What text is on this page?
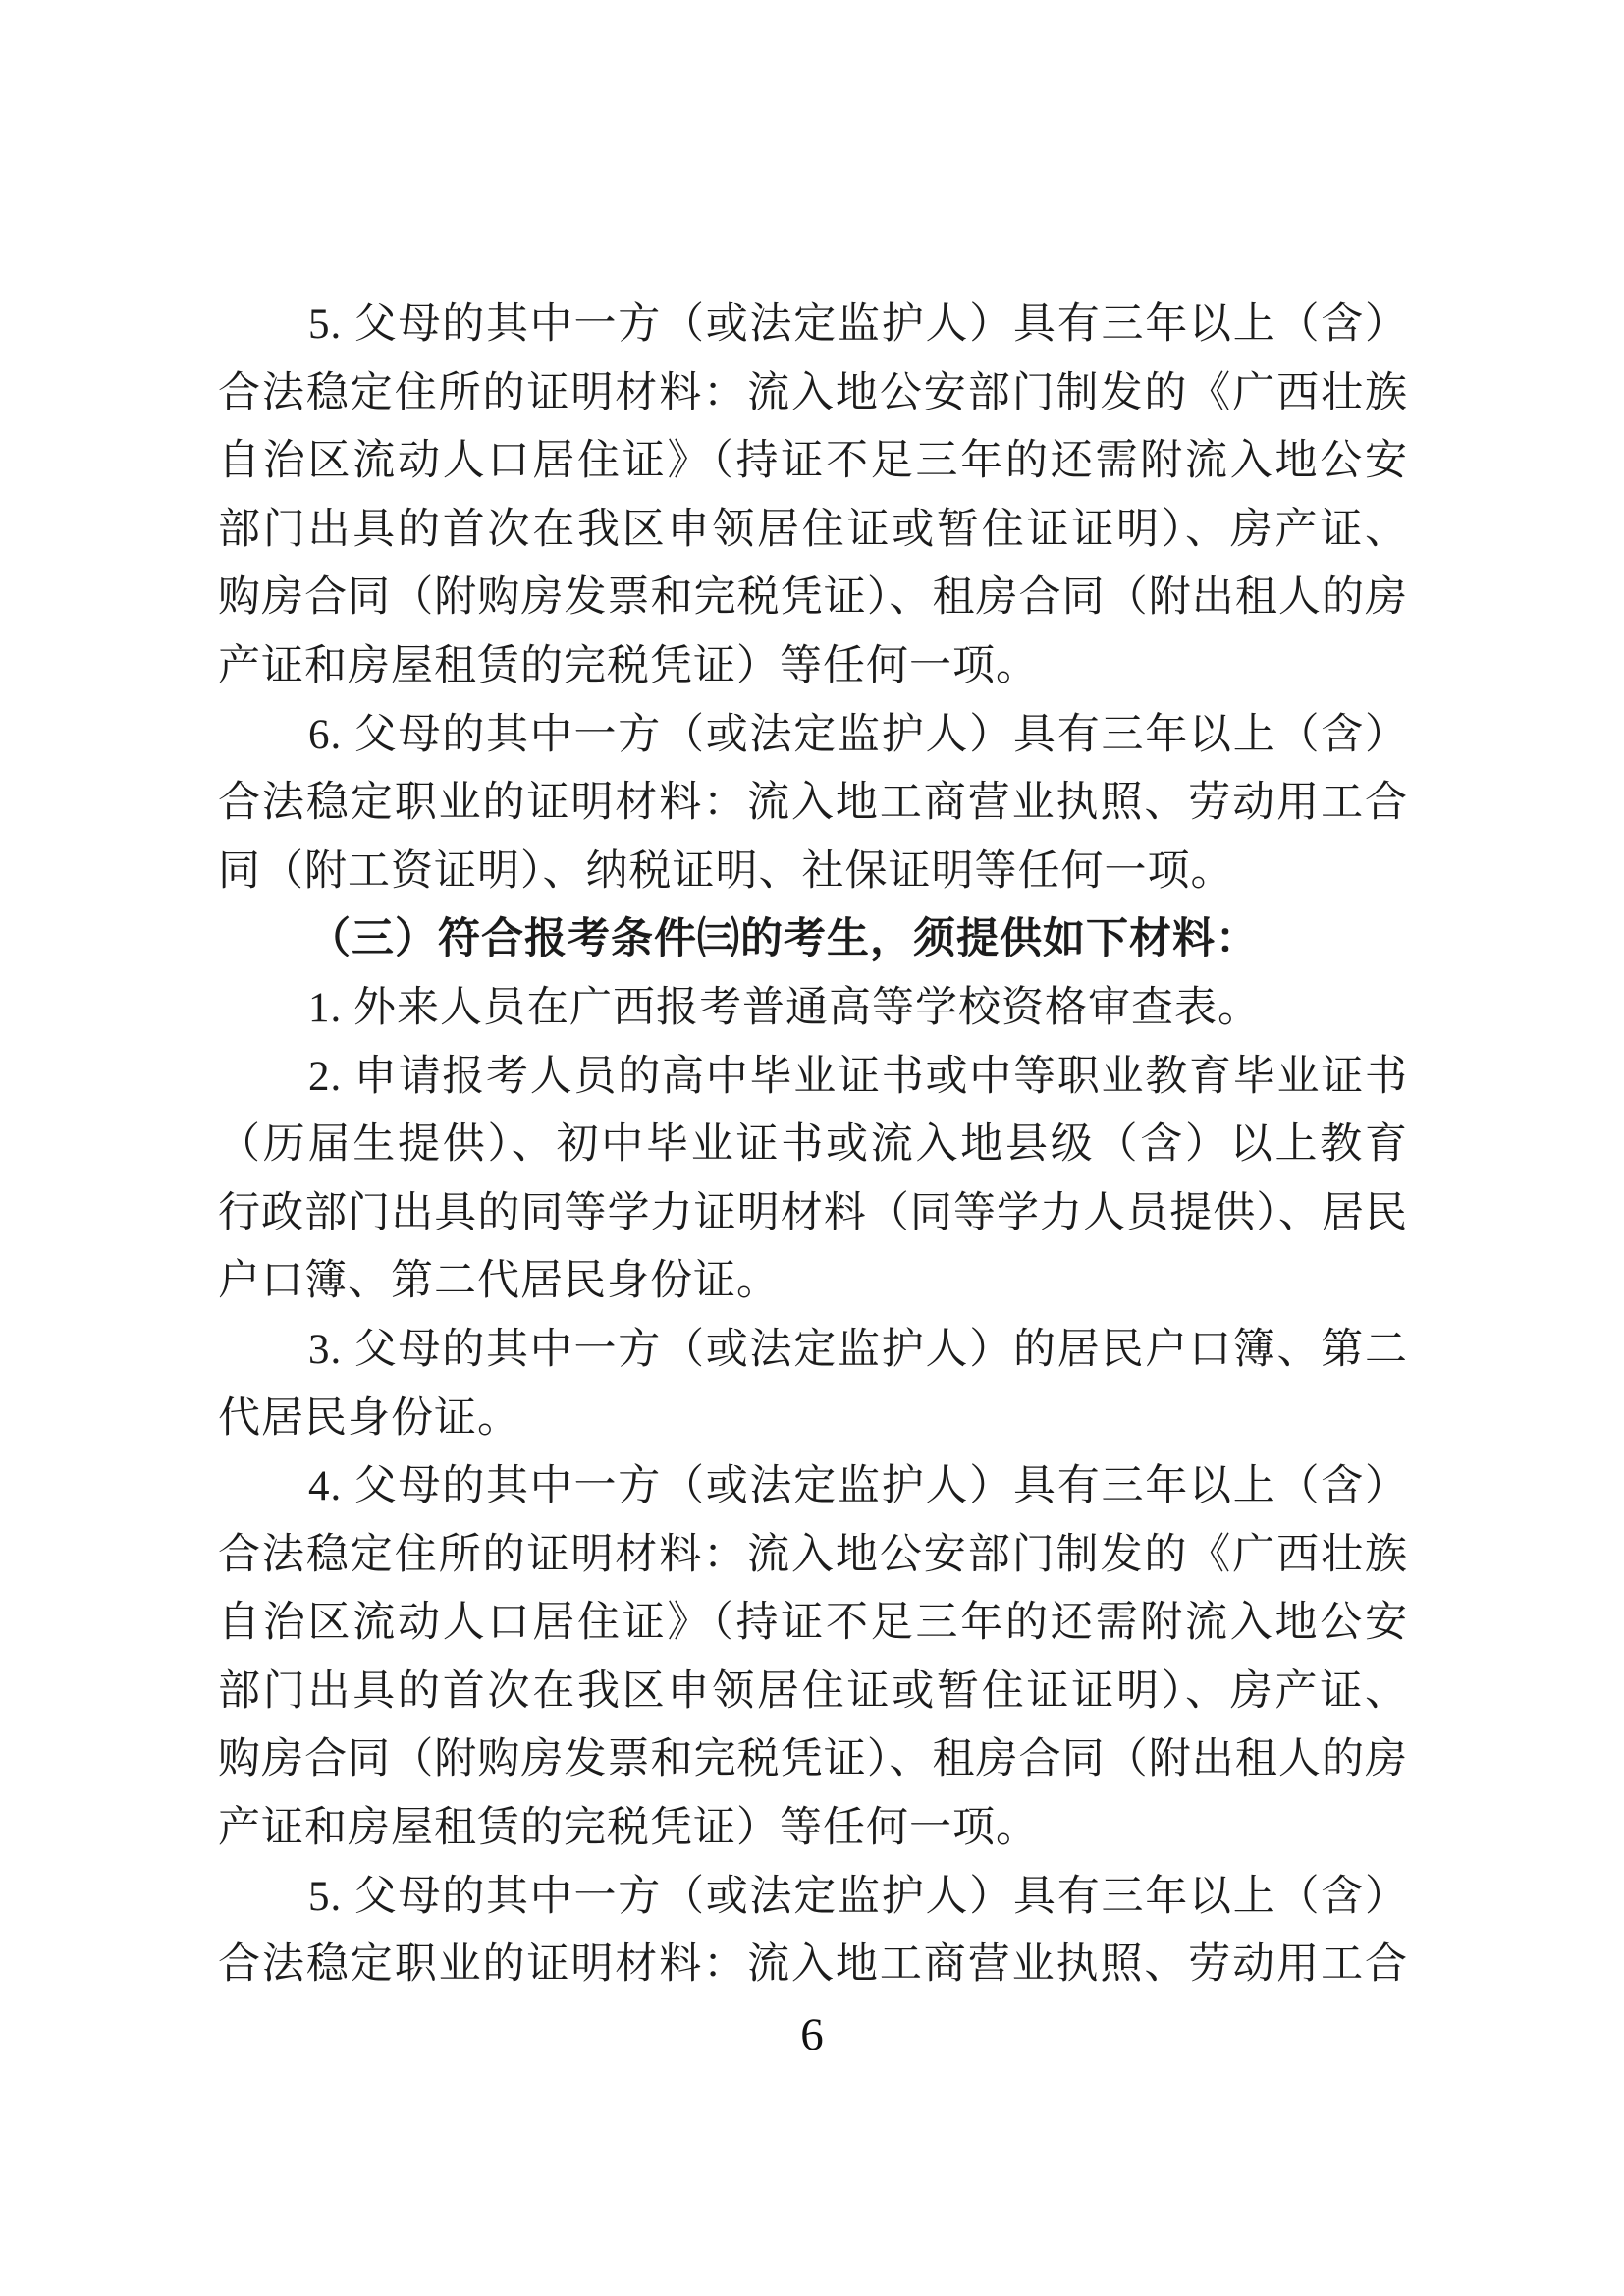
5. 父母的其中一方（或法定监护人）具有三年以上（含）
合法稳定住所的证明材料：流入地公安部门制发的《广西壮族
自治区流动人口居住证》（持证不足三年的还需附流入地公安
部门出具的首次在我区申领居住证或暂住证证明）、房产证、
购房合同（附购房发票和完税凭证）、租房合同（附出租人的房
产证和房屋租赁的完税凭证）等任何一项。
6. 父母的其中一方（或法定监护人）具有三年以上（含）
合法稳定职业的证明材料：流入地工商营业执照、劳动用工合
同（附工资证明）、纳税证明、社保证明等任何一项。
（三）符合报考条件㈢的考生，须提供如下材料：
1. 外来人员在广西报考普通高等学校资格审查表。
2. 申请报考人员的高中毕业证书或中等职业教育毕业证书
（历届生提供）、初中毕业证书或流入地县级（含）以上教育
行政部门出具的同等学力证明材料（同等学力人员提供）、居民
户口簿、第二代居民身份证。
3. 父母的其中一方（或法定监护人）的居民户口簿、第二
代居民身份证。
4. 父母的其中一方（或法定监护人）具有三年以上（含）
合法稳定住所的证明材料：流入地公安部门制发的《广西壮族
自治区流动人口居住证》（持证不足三年的还需附流入地公安
部门出具的首次在我区申领居住证或暂住证证明）、房产证、
购房合同（附购房发票和完税凭证）、租房合同（附出租人的房
产证和房屋租赁的完税凭证）等任何一项。
5. 父母的其中一方（或法定监护人）具有三年以上（含）
合法稳定职业的证明材料：流入地工商营业执照、劳动用工合
6
